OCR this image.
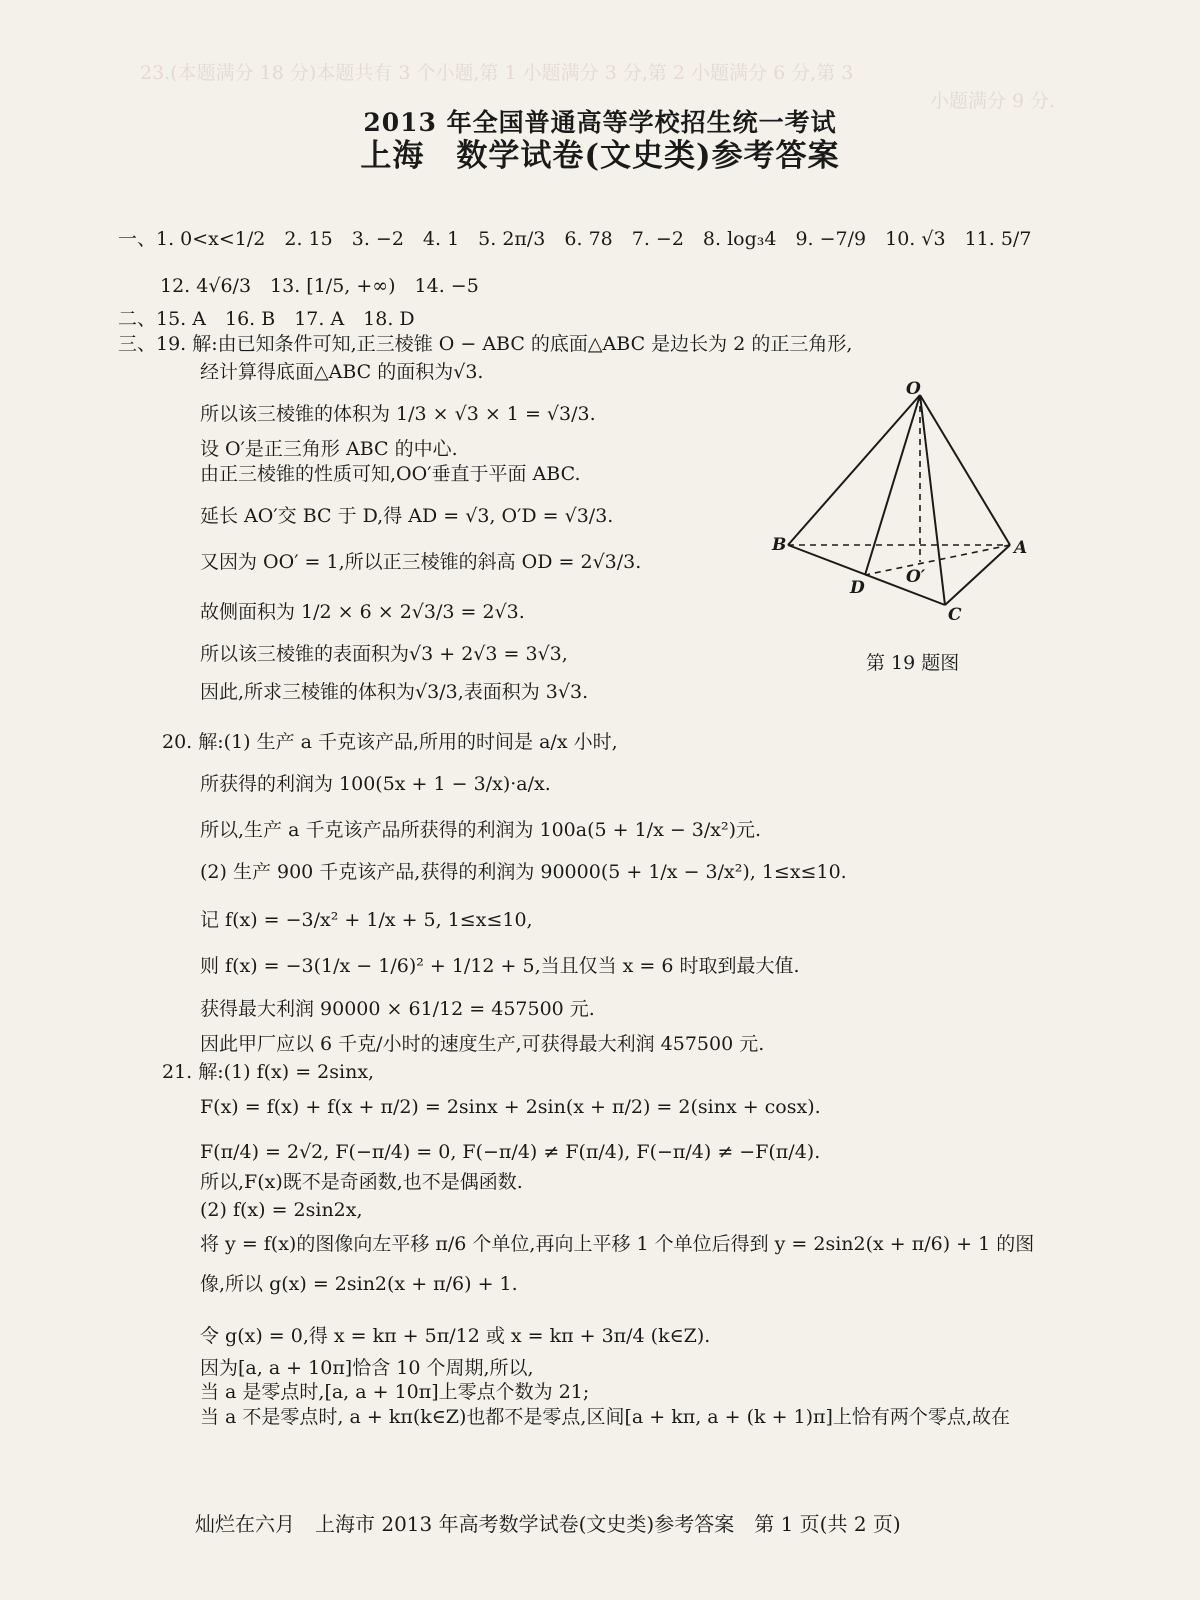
23.(本题满分 18 分)本题共有 3 个小题,第 1 小题满分 3 分,第 2 小题满分 6 分,第 3
小题满分 9 分.
2013 年全国普通高等学校招生统一考试
上海　数学试卷(文史类)参考答案
一、1. 0<x<1/2　2. 15　3. −2　4. 1　5. 2π/3　6. 78　7. −2　8. log₃4　9. −7/9　10. √3　11. 5/7
12. 4√6/3　13. [1/5, +∞)　14. −5
二、15. A　16. B　17. A　18. D
三、19. 解:由已知条件可知,正三棱锥 O − ABC 的底面△ABC 是边长为 2 的正三角形,
经计算得底面△ABC 的面积为√3.
所以该三棱锥的体积为 1/3 × √3 × 1 = √3/3.
设 O′是正三角形 ABC 的中心.
由正三棱锥的性质可知,OO′垂直于平面 ABC.
延长 AO′交 BC 于 D,得 AD = √3, O′D = √3/3.
又因为 OO′ = 1,所以正三棱锥的斜高 OD = 2√3/3.
故侧面积为 1/2 × 6 × 2√3/3 = 2√3.
所以该三棱锥的表面积为√3 + 2√3 = 3√3,
因此,所求三棱锥的体积为√3/3,表面积为 3√3.
O
A
B
C
D
O′
第 19 题图
20. 解:(1) 生产 a 千克该产品,所用的时间是 a/x 小时,
所获得的利润为 100(5x + 1 − 3/x)·a/x.
所以,生产 a 千克该产品所获得的利润为 100a(5 + 1/x − 3/x²)元.
(2) 生产 900 千克该产品,获得的利润为 90000(5 + 1/x − 3/x²), 1≤x≤10.
记 f(x) = −3/x² + 1/x + 5, 1≤x≤10,
则 f(x) = −3(1/x − 1/6)² + 1/12 + 5,当且仅当 x = 6 时取到最大值.
获得最大利润 90000 × 61/12 = 457500 元.
因此甲厂应以 6 千克/小时的速度生产,可获得最大利润 457500 元.
21. 解:(1) f(x) = 2sinx,
F(x) = f(x) + f(x + π/2) = 2sinx + 2sin(x + π/2) = 2(sinx + cosx).
F(π/4) = 2√2, F(−π/4) = 0, F(−π/4) ≠ F(π/4), F(−π/4) ≠ −F(π/4).
所以,F(x)既不是奇函数,也不是偶函数.
(2) f(x) = 2sin2x,
将 y = f(x)的图像向左平移 π/6 个单位,再向上平移 1 个单位后得到 y = 2sin2(x + π/6) + 1 的图
像,所以 g(x) = 2sin2(x + π/6) + 1.
令 g(x) = 0,得 x = kπ + 5π/12 或 x = kπ + 3π/4 (k∈Z).
因为[a, a + 10π]恰含 10 个周期,所以,
当 a 是零点时,[a, a + 10π]上零点个数为 21;
当 a 不是零点时, a + kπ(k∈Z)也都不是零点,区间[a + kπ, a + (k + 1)π]上恰有两个零点,故在
灿烂在六月　上海市 2013 年高考数学试卷(文史类)参考答案　第 1 页(共 2 页)
